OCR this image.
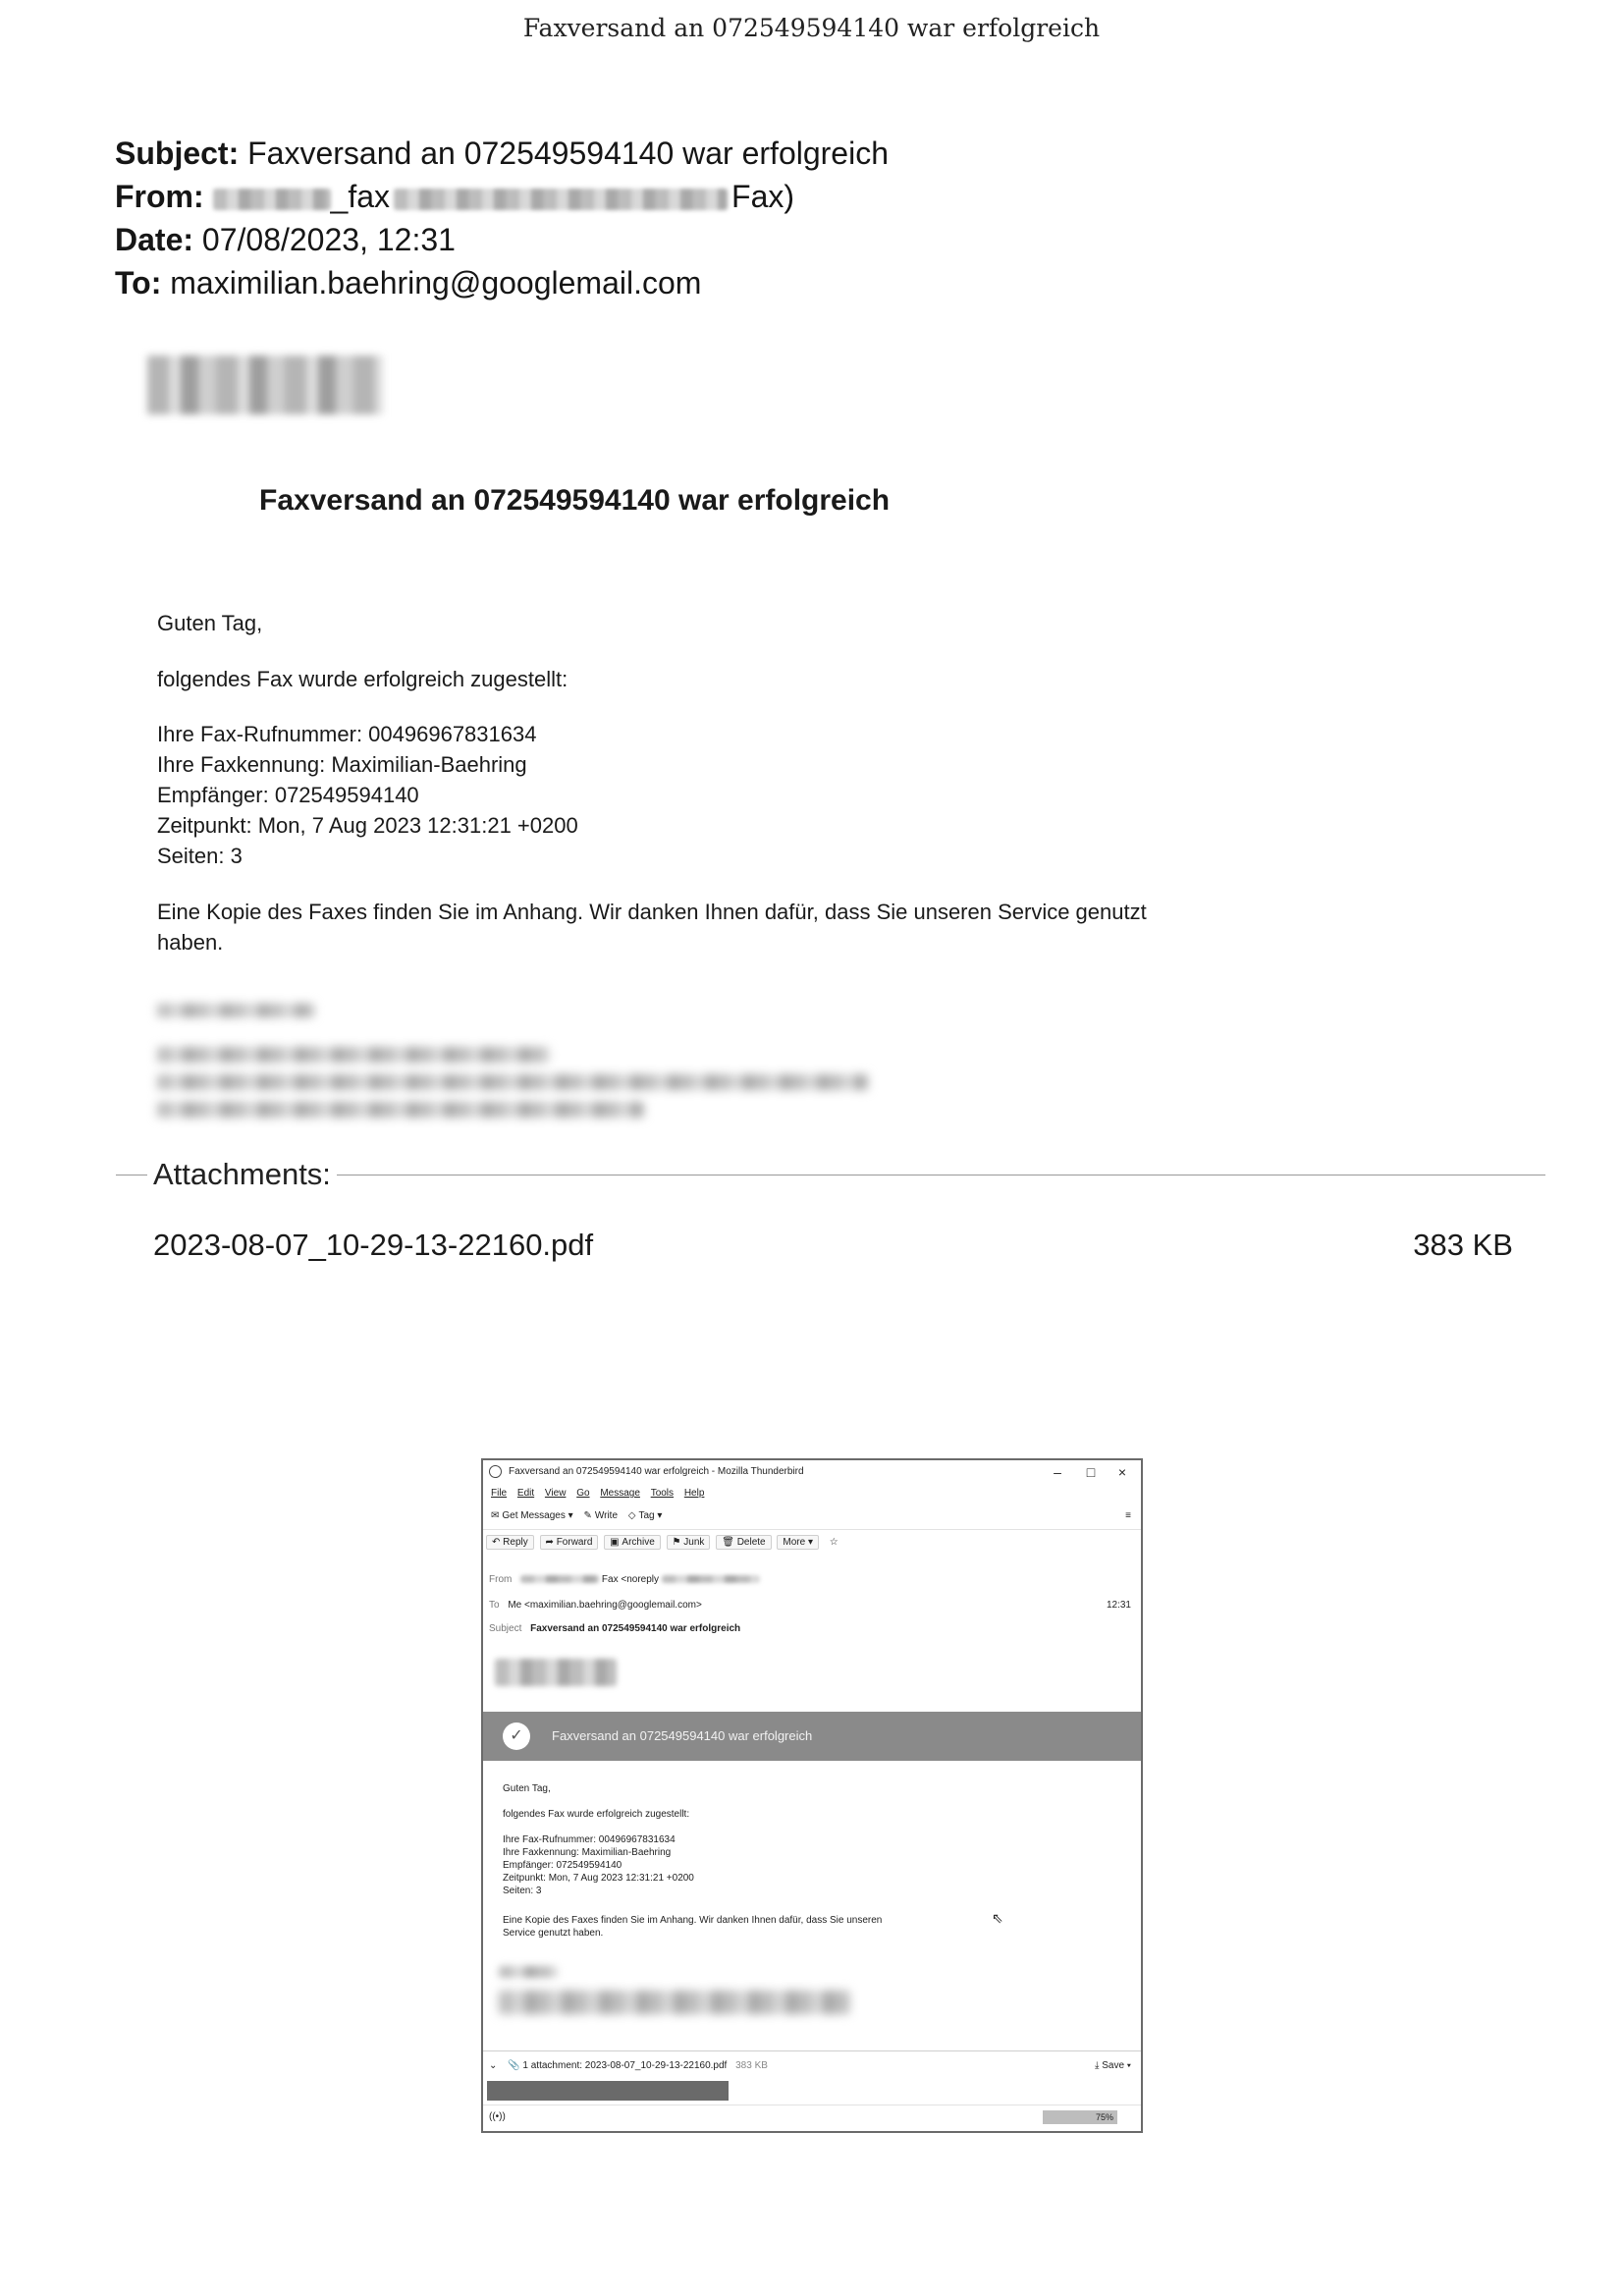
Faxversand an 072549594140 war erfolgreich
Subject: Faxversand an 072549594140 war erfolgreich
From:	_fax	Fax)
Date: 07/08/2023, 12:31
To: maximilian.baehring@googlemail.com
Faxversand an 072549594140 war erfolgreich
Guten Tag,
folgendes Fax wurde erfolgreich zugestellt:
Ihre Fax-Rufnummer: 00496967831634
Ihre Faxkennung: Maximilian-Baehring
Empfänger: 072549594140
Zeitpunkt: Mon, 7 Aug 2023 12:31:21 +0200
Seiten: 3
Eine Kopie des Faxes finden Sie im Anhang. Wir danken Ihnen dafür, dass Sie unseren Service genutzt
haben.
Attachments:
2023-08-07_10-29-13-22160.pdf	383 KB
Faxversand an 072549594140 war erfolgreich - Mozilla Thunderbird	–	□	×
File Edit View Go Message Tools Help
✉ Get Messages ▾ ✎ Write ◇ Tag ▾	≡
↶ Reply ➦ Forward ▣ Archive ⚑ Junk 🗑 Delete More ▾ ☆
From	Fax <noreply
To Me <maximilian.baehring@googlemail.com>	12:31
Subject Faxversand an 072549594140 war erfolgreich
✓	Faxversand an 072549594140 war erfolgreich
Guten Tag,
folgendes Fax wurde erfolgreich zugestellt:
Ihre Fax-Rufnummer: 00496967831634
Ihre Faxkennung: Maximilian-Baehring
Empfänger: 072549594140
Zeitpunkt: Mon, 7 Aug 2023 12:31:21 +0200
Seiten: 3
Eine Kopie des Faxes finden Sie im Anhang. Wir danken Ihnen dafür, dass Sie unseren
Service genutzt haben.
⇖
⌄ 📎 1 attachment: 2023-08-07_10-29-13-22160.pdf 383 KB	⤓ Save ▾
((•))	75%
